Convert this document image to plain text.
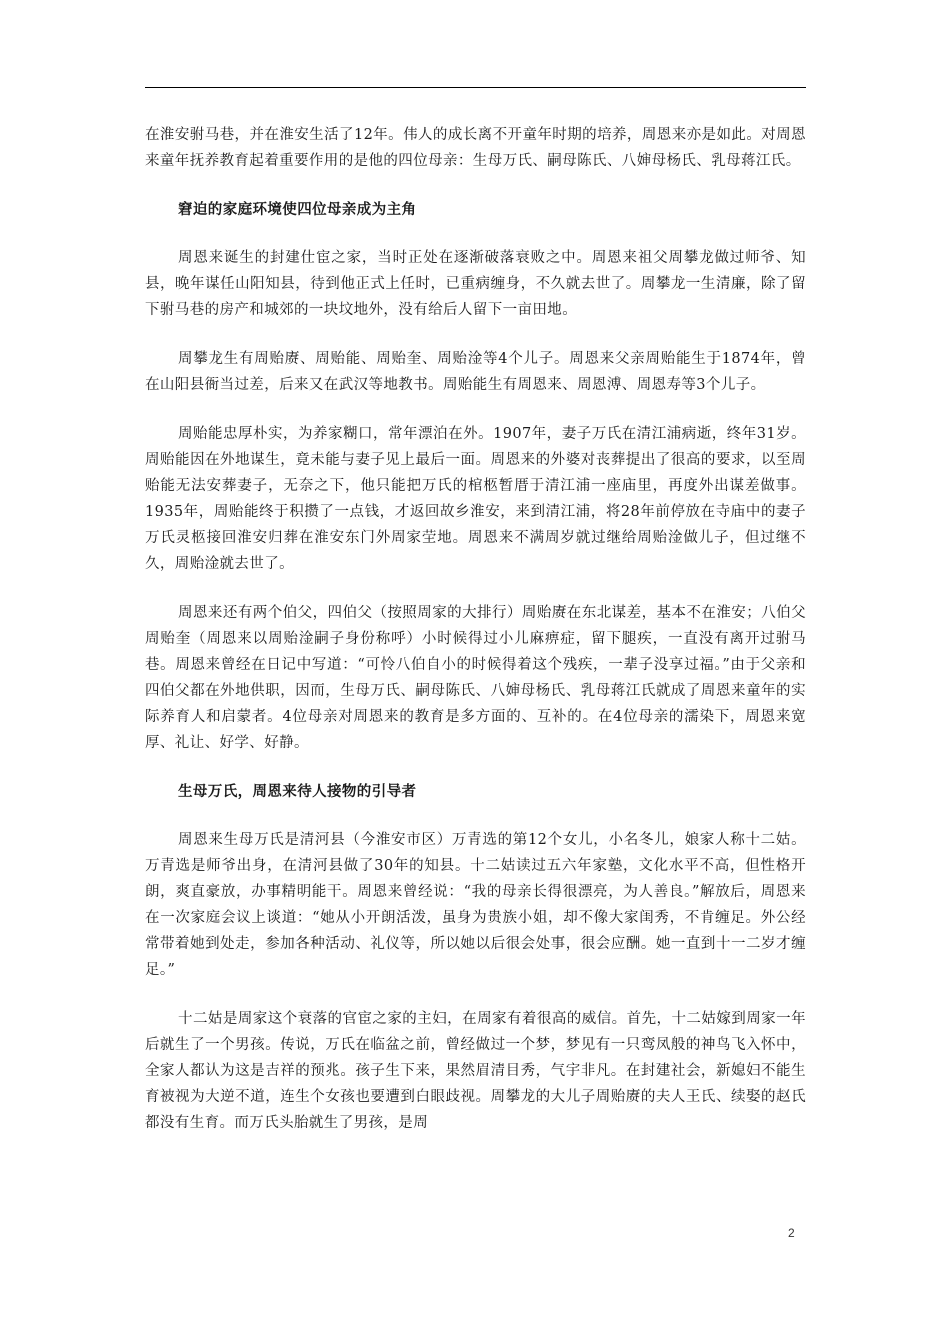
在淮安驸马巷，并在淮安生活了12年。伟人的成长离不开童年时期的培养，周恩来亦是如此。对周恩来童年抚养教育起着重要作用的是他的四位母亲：生母万氏、嗣母陈氏、八婶母杨氏、乳母蒋江氏。

窘迫的家庭环境使四位母亲成为主角

周恩来诞生的封建仕宦之家，当时正处在逐渐破落衰败之中。周恩来祖父周攀龙做过师爷、知县，晚年谋任山阳知县，待到他正式上任时，已重病缠身，不久就去世了。周攀龙一生清廉，除了留下驸马巷的房产和城郊的一块坟地外，没有给后人留下一亩田地。

周攀龙生有周贻赓、周贻能、周贻奎、周贻淦等4个儿子。周恩来父亲周贻能生于1874年，曾在山阳县衙当过差，后来又在武汉等地教书。周贻能生有周恩来、周恩溥、周恩寿等3个儿子。

周贻能忠厚朴实，为养家糊口，常年漂泊在外。1907年，妻子万氏在清江浦病逝，终年31岁。周贻能因在外地谋生，竟未能与妻子见上最后一面。周恩来的外婆对丧葬提出了很高的要求，以至周贻能无法安葬妻子，无奈之下，他只能把万氏的棺柩暂厝于清江浦一座庙里，再度外出谋差做事。1935年，周贻能终于积攒了一点钱，才返回故乡淮安，来到清江浦，将28年前停放在寺庙中的妻子万氏灵柩接回淮安归葬在淮安东门外周家茔地。周恩来不满周岁就过继给周贻淦做儿子，但过继不久，周贻淦就去世了。

周恩来还有两个伯父，四伯父（按照周家的大排行）周贻赓在东北谋差，基本不在淮安；八伯父周贻奎（周恩来以周贻淦嗣子身份称呼）小时候得过小儿麻痹症，留下腿疾，一直没有离开过驸马巷。周恩来曾经在日记中写道：“可怜八伯自小的时候得着这个残疾，一辈子没享过福。”由于父亲和四伯父都在外地供职，因而，生母万氏、嗣母陈氏、八婶母杨氏、乳母蒋江氏就成了周恩来童年的实际养育人和启蒙者。4位母亲对周恩来的教育是多方面的、互补的。在4位母亲的濡染下，周恩来宽厚、礼让、好学、好静。

生母万氏，周恩来待人接物的引导者

周恩来生母万氏是清河县（今淮安市区）万青选的第12个女儿，小名冬儿，娘家人称十二姑。万青选是师爷出身，在清河县做了30年的知县。十二姑读过五六年家塾，文化水平不高，但性格开朗，爽直豪放，办事精明能干。周恩来曾经说：“我的母亲长得很漂亮，为人善良。”解放后，周恩来在一次家庭会议上谈道：“她从小开朗活泼，虽身为贵族小姐，却不像大家闺秀，不肯缠足。外公经常带着她到处走，参加各种活动、礼仪等，所以她以后很会处事，很会应酬。她一直到十一二岁才缠足。”

十二姑是周家这个衰落的官宦之家的主妇，在周家有着很高的威信。首先，十二姑嫁到周家一年后就生了一个男孩。传说，万氏在临盆之前，曾经做过一个梦，梦见有一只鸾凤般的神鸟飞入怀中，全家人都认为这是吉祥的预兆。孩子生下来，果然眉清目秀，气宇非凡。在封建社会，新媳妇不能生育被视为大逆不道，连生个女孩也要遭到白眼歧视。周攀龙的大儿子周贻赓的夫人王氏、续娶的赵氏都没有生育。而万氏头胎就生了男孩，是周

2
